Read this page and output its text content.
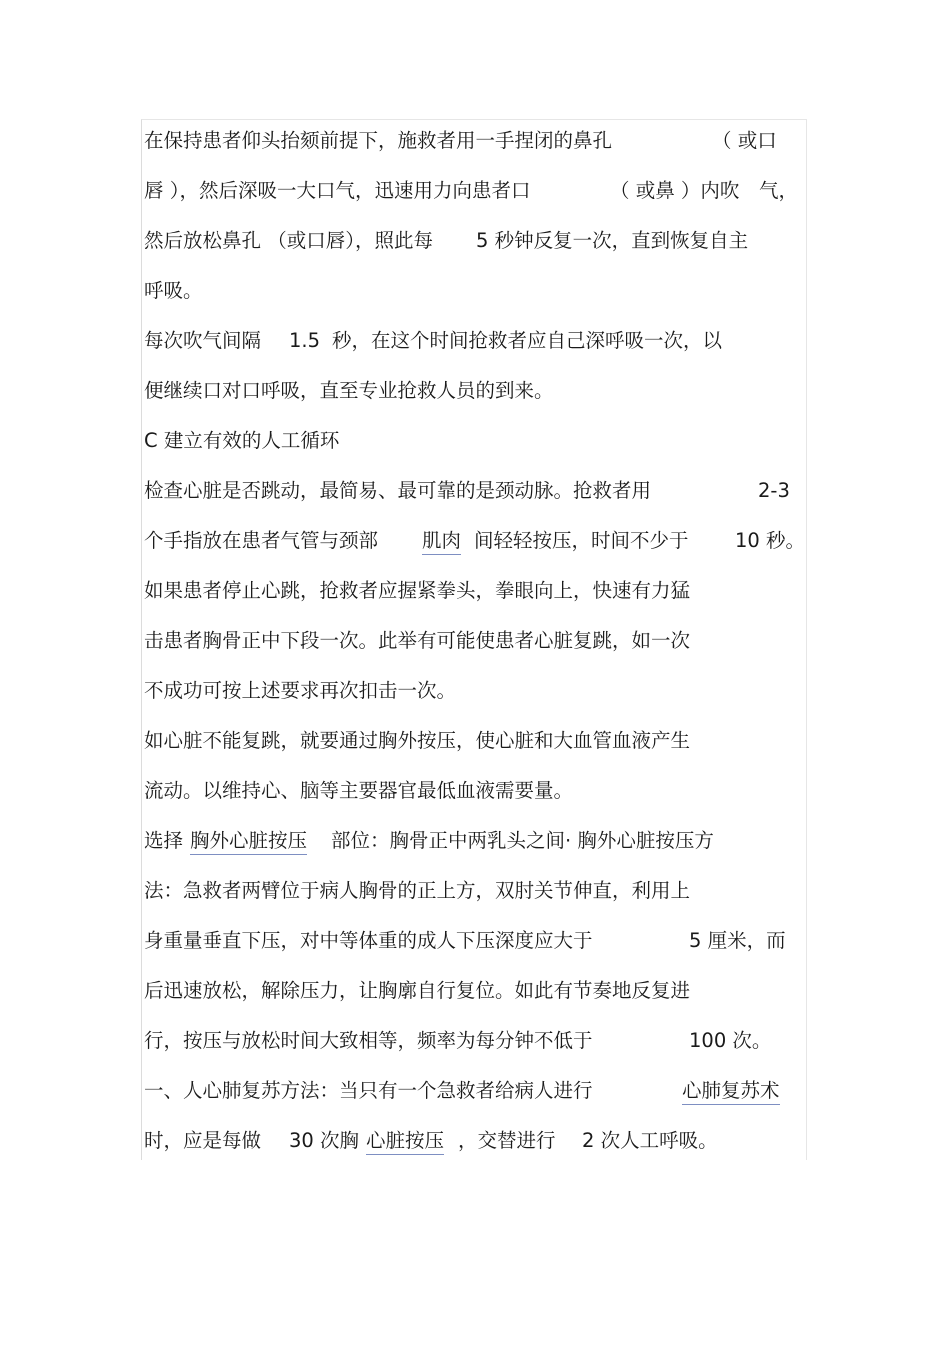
在保持患者仰头抬颏前提下，施救者用一手捏闭的鼻孔

	（ 或口

唇 ），然后深吸一大口气，迅速用力向患者口

	（ 或鼻 ）内吹

气，

然后放松鼻孔 （或口唇），照此每

5 秒钟反复一次，直到恢复自主

呼吸。

每次吹气间隔

1.5

秒，在这个时间抢救者应自己深呼吸一次，以

便继续口对口呼吸，直至专业抢救人员的到来。

C 建立有效的人工循环

检查心脏是否跳动，最简易、最可靠的是颈动脉。抢救者用

	2-3

个手指放在患者气管与颈部

肌肉

间轻轻按压，时间不少于

10 秒。

如果患者停止心跳，抢救者应握紧拳头，拳眼向上，快速有力猛

击患者胸骨正中下段一次。此举有可能使患者心脏复跳，如一次

不成功可按上述要求再次扣击一次。

如心脏不能复跳，就要通过胸外按压，使心脏和大血管血液产生

流动。以维持心、脑等主要器官最低血液需要量。

选择

胸外心脏按压

部位：胸骨正中两乳头之间· 胸外心脏按压方

法：急救者两臂位于病人胸骨的正上方，双肘关节伸直，利用上

身重量垂直下压，对中等体重的成人下压深度应大于

	5 厘米，而

后迅速放松，解除压力，让胸廓自行复位。如此有节奏地反复进

行，按压与放松时间大致相等，频率为每分钟不低于

	100 次。

一、人心肺复苏方法：当只有一个急救者给病人进行

	心肺复苏术

时，应是每做

30 次胸

心脏按压

，交替进行

2 次人工呼吸。
